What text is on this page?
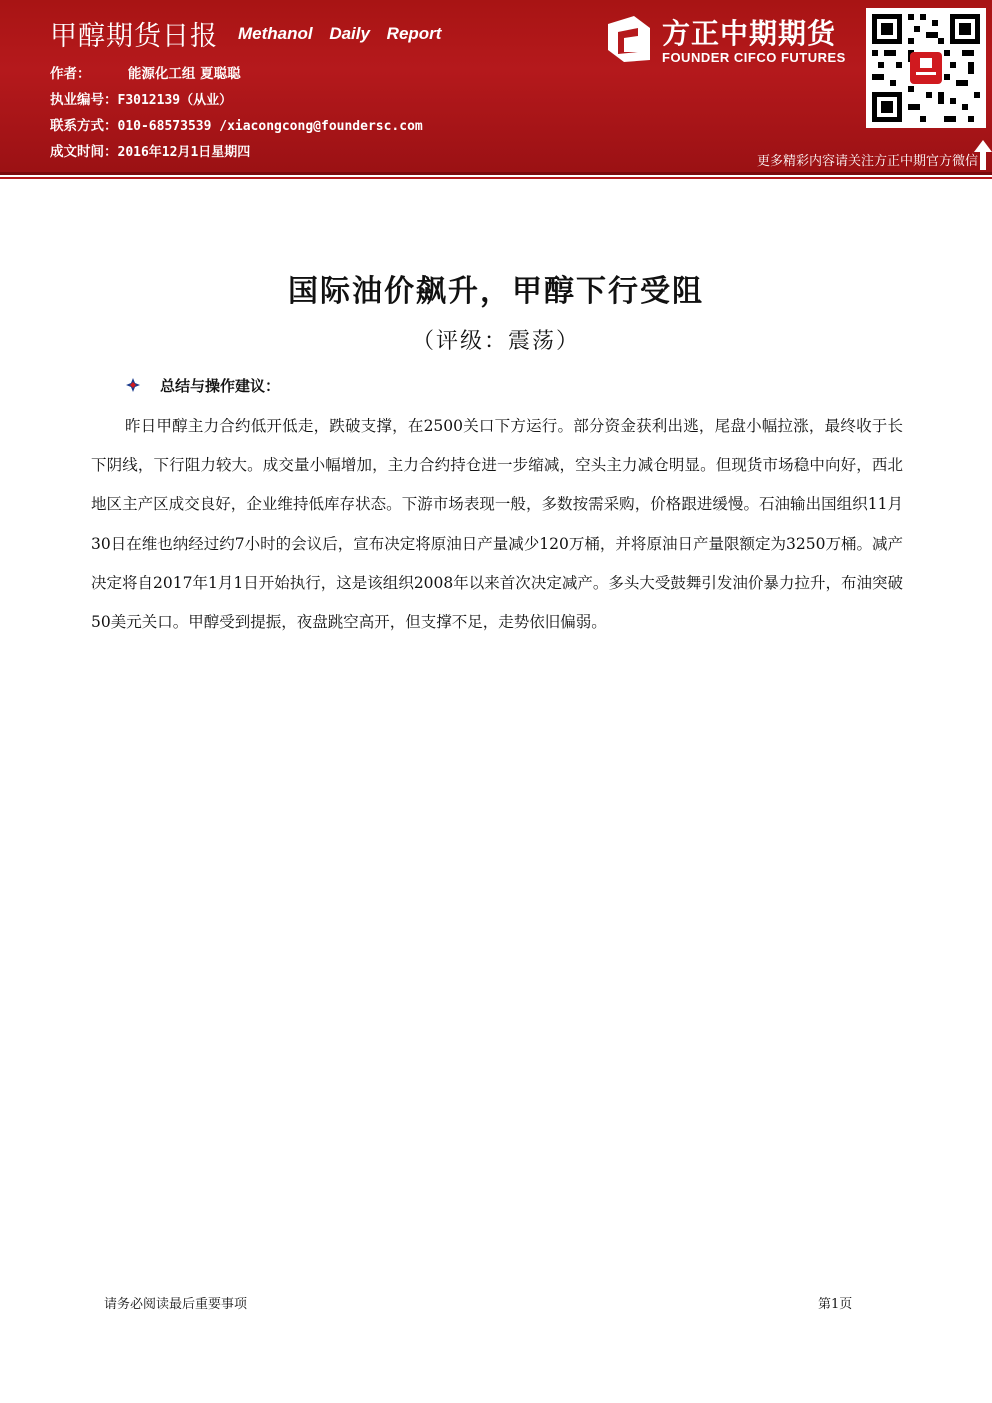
甲醇期货日报 Methanol Daily Report
作者：	能源化工组 夏聪聪
执业编号：F3012139（从业）
联系方式：010-68573539 /xiacongcong@foundersc.com
成文时间：2016年12月1日星期四
方正中期期货
FOUNDER CIFCO FUTURES
更多精彩内容请关注方正中期官方微信
国际油价飙升，甲醇下行受阻
（评级：震荡）
总结与操作建议：
昨日甲醇主力合约低开低走，跌破支撑，在2500关口下方运行。部分资金获利出逃，尾盘小幅拉涨，最终收于长下阴线，下行阻力较大。成交量小幅增加，主力合约持仓进一步缩减，空头主力减仓明显。但现货市场稳中向好，西北地区主产区成交良好，企业维持低库存状态。下游市场表现一般，多数按需采购，价格跟进缓慢。石油输出国组织11月30日在维也纳经过约7小时的会议后，宣布决定将原油日产量减少120万桶，并将原油日产量限额定为3250万桶。减产决定将自2017年1月1日开始执行，这是该组织2008年以来首次决定减产。多头大受鼓舞引发油价暴力拉升，布油突破50美元关口。甲醇受到提振，夜盘跳空高开，但支撑不足，走势依旧偏弱。
请务必阅读最后重要事项	第1页
